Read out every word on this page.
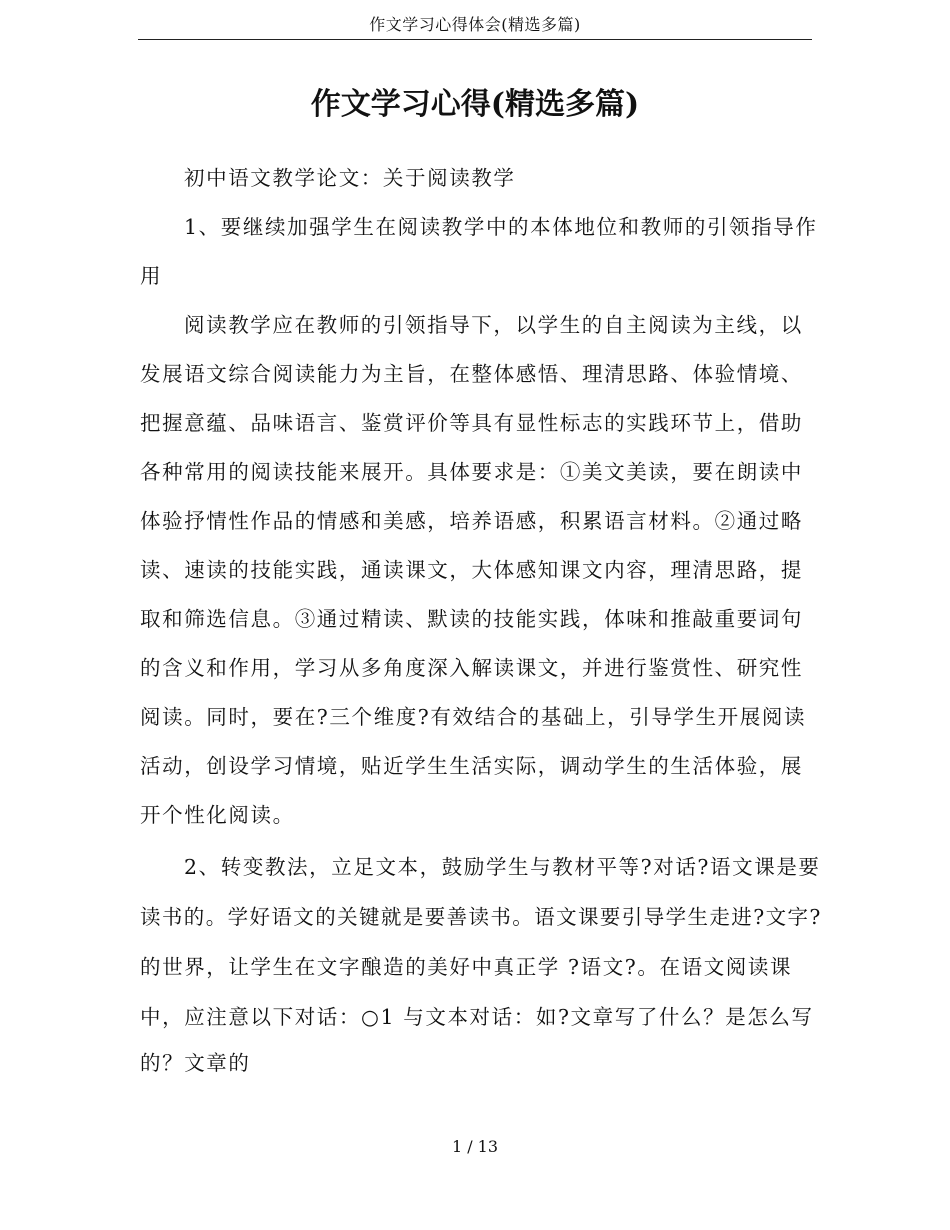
作文学习心得体会(精选多篇)
作文学习心得(精选多篇)
初中语文教学论文：关于阅读教学
1、要继续加强学生在阅读教学中的本体地位和教师的引领指导作
用
阅读教学应在教师的引领指导下，以学生的自主阅读为主线，以
发展语文综合阅读能力为主旨，在整体感悟、理清思路、体验情境、
把握意蕴、品味语言、鉴赏评价等具有显性标志的实践环节上，借助
各种常用的阅读技能来展开。具体要求是：①美文美读，要在朗读中
体验抒情性作品的情感和美感，培养语感，积累语言材料。②通过略
读、速读的技能实践，通读课文，大体感知课文内容，理清思路，提
取和筛选信息。③通过精读、默读的技能实践，体味和推敲重要词句
的含义和作用，学习从多角度深入解读课文，并进行鉴赏性、研究性
阅读。同时，要在?三个维度?有效结合的基础上，引导学生开展阅读
活动，创设学习情境，贴近学生生活实际，调动学生的生活体验，展
开个性化阅读。
2、转变教法，立足文本，鼓励学生与教材平等?对话?语文课是要
读书的。学好语文的关键就是要善读书。语文课要引导学生走进?文字?
的世界，让学生在文字酿造的美好中真正学 ?语文?。在语文阅读课
中，应注意以下对话：○1 与文本对话：如?文章写了什么？是怎么写
的？文章的
1 / 13
